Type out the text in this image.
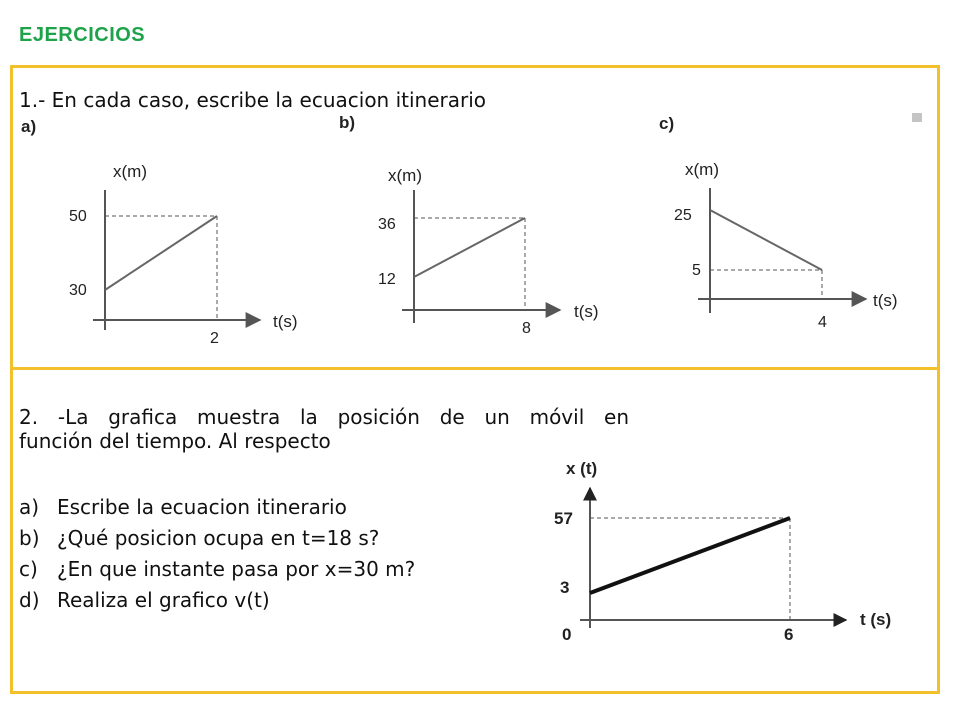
EJERCICIOS
1.- En cada caso, escribe la ecuacion itinerario
a)	b)	c)
x(m)
t(s)
50
30
2
x(m)
t(s)
36
12
8
x(m)
t(s)
25
5
4
2. -La grafica muestra la posición de un móvil en
función del tiempo. Al respecto
a) Escribe la ecuacion itinerario
b) ¿Qué posicion ocupa en t=18 s?
c) ¿En que instante pasa por x=30 m?
d) Realiza el grafico v(t)
x (t)
t (s)
57
3
0	6
